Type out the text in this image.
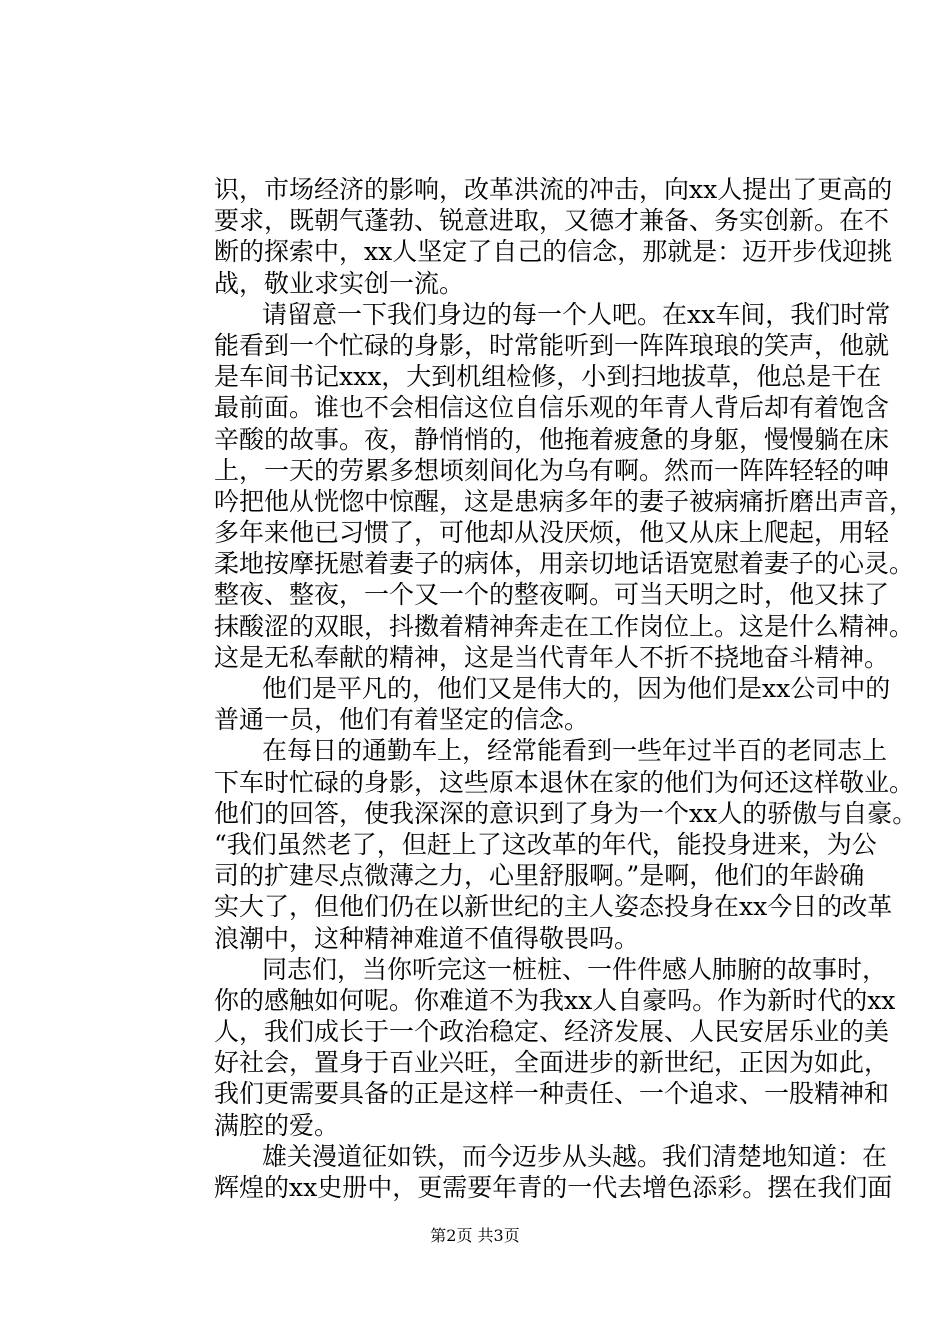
识，市场经济的影响，改革洪流的冲击，向xx人提出了更高的
要求，既朝气蓬勃、锐意进取，又德才兼备、务实创新。在不
断的探索中，xx人坚定了自己的信念，那就是：迈开步伐迎挑
战，敬业求实创一流。
请留意一下我们身边的每一个人吧。在xx车间，我们时常
能看到一个忙碌的身影，时常能听到一阵阵琅琅的笑声，他就
是车间书记xxx，大到机组检修，小到扫地拔草，他总是干在
最前面。谁也不会相信这位自信乐观的年青人背后却有着饱含
辛酸的故事。夜，静悄悄的，他拖着疲惫的身躯，慢慢躺在床
上，一天的劳累多想顷刻间化为乌有啊。然而一阵阵轻轻的呻
吟把他从恍惚中惊醒，这是患病多年的妻子被病痛折磨出声音，
多年来他已习惯了，可他却从没厌烦，他又从床上爬起，用轻
柔地按摩抚慰着妻子的病体，用亲切地话语宽慰着妻子的心灵。
整夜、整夜，一个又一个的整夜啊。可当天明之时，他又抹了
抹酸涩的双眼，抖擞着精神奔走在工作岗位上。这是什么精神。
这是无私奉献的精神，这是当代青年人不折不挠地奋斗精神。
他们是平凡的，他们又是伟大的，因为他们是xx公司中的
普通一员，他们有着坚定的信念。
在每日的通勤车上，经常能看到一些年过半百的老同志上
下车时忙碌的身影，这些原本退休在家的他们为何还这样敬业。
他们的回答，使我深深的意识到了身为一个xx人的骄傲与自豪。
“我们虽然老了，但赶上了这改革的年代，能投身进来，为公
司的扩建尽点微薄之力，心里舒服啊。”是啊，他们的年龄确
实大了，但他们仍在以新世纪的主人姿态投身在xx今日的改革
浪潮中，这种精神难道不值得敬畏吗。
同志们，当你听完这一桩桩、一件件感人肺腑的故事时，
你的感触如何呢。你难道不为我xx人自豪吗。作为新时代的xx
人，我们成长于一个政治稳定、经济发展、人民安居乐业的美
好社会，置身于百业兴旺，全面进步的新世纪，正因为如此，
我们更需要具备的正是这样一种责任、一个追求、一股精神和
满腔的爱。
雄关漫道征如铁，而今迈步从头越。我们清楚地知道：在
辉煌的xx史册中，更需要年青的一代去增色添彩。摆在我们面
第2页 共3页
